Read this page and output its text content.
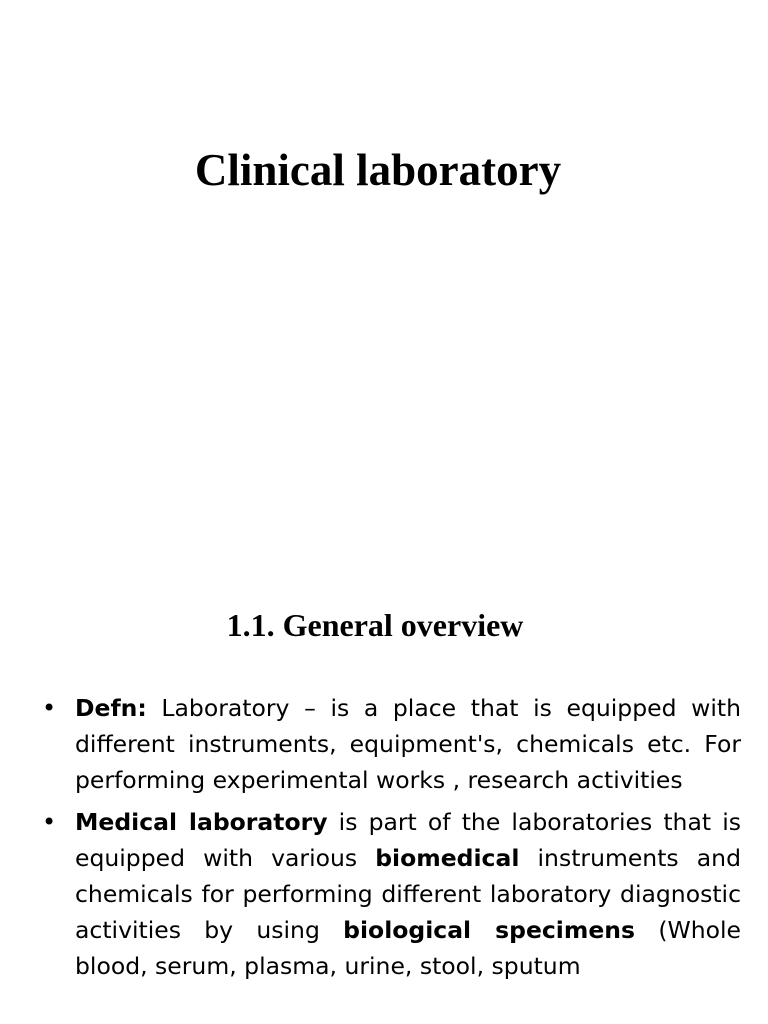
Clinical laboratory
1.1. General overview
• Defn: Laboratory – is a place that is equipped with different instruments, equipment's, chemicals etc. For performing experimental works , research activities
• Medical laboratory is part of the laboratories that is equipped with various biomedical instruments and chemicals for performing different laboratory diagnostic activities by using biological specimens (Whole blood, serum, plasma, urine, stool, sputum
